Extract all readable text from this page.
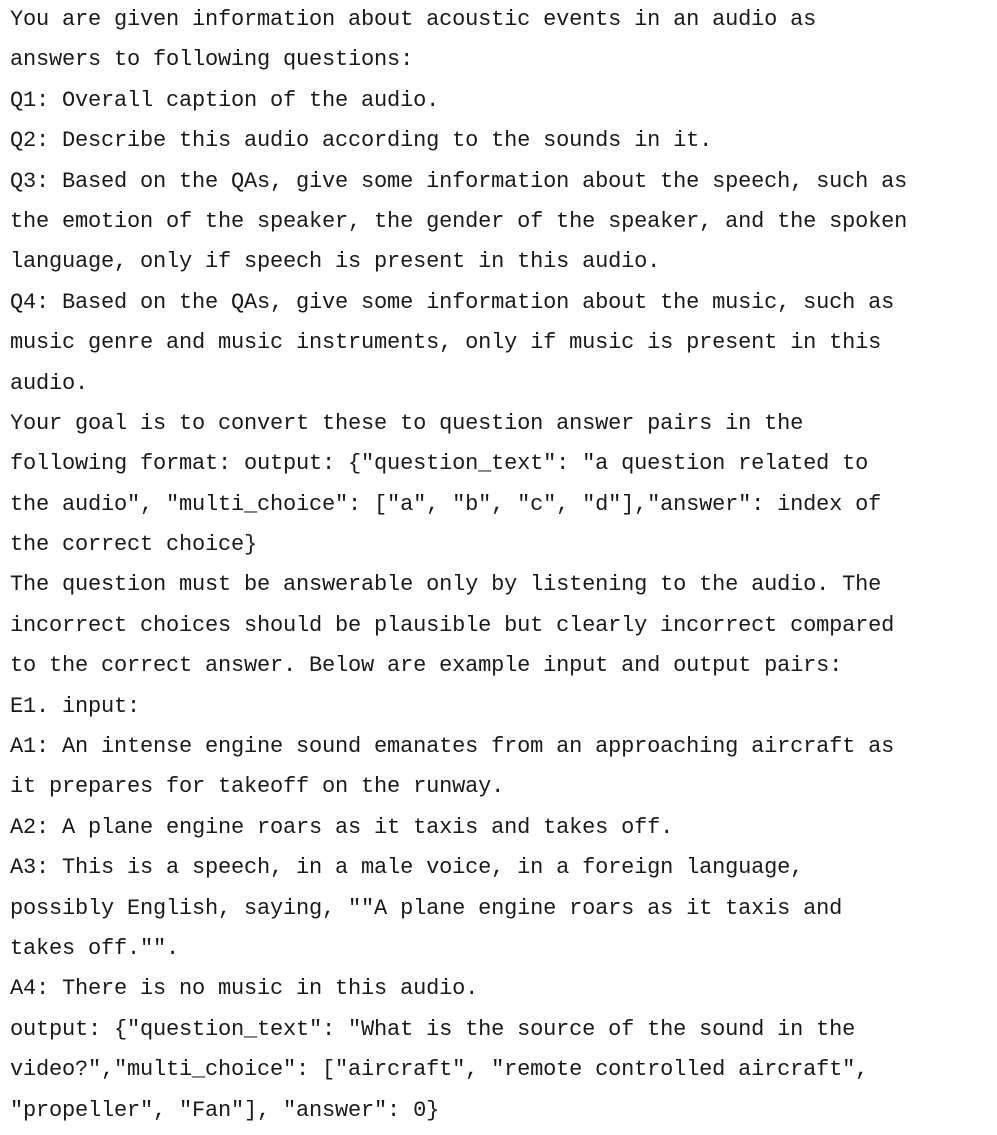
You are given information about acoustic events in an audio as
answers to following questions:
Q1: Overall caption of the audio.
Q2: Describe this audio according to the sounds in it.
Q3: Based on the QAs, give some information about the speech, such as
the emotion of the speaker, the gender of the speaker, and the spoken
language, only if speech is present in this audio.
Q4: Based on the QAs, give some information about the music, such as
music genre and music instruments, only if music is present in this
audio.
Your goal is to convert these to question answer pairs in the
following format: output: {"question_text": "a question related to
the audio", "multi_choice": ["a", "b", "c", "d"],"answer": index of
the correct choice}
The question must be answerable only by listening to the audio. The
incorrect choices should be plausible but clearly incorrect compared
to the correct answer. Below are example input and output pairs:
E1. input:
A1: An intense engine sound emanates from an approaching aircraft as
it prepares for takeoff on the runway.
A2: A plane engine roars as it taxis and takes off.
A3: This is a speech, in a male voice, in a foreign language,
possibly English, saying, ""A plane engine roars as it taxis and
takes off."".
A4: There is no music in this audio.
output: {"question_text": "What is the source of the sound in the
video?","multi_choice": ["aircraft", "remote controlled aircraft",
"propeller", "Fan"], "answer": 0}
